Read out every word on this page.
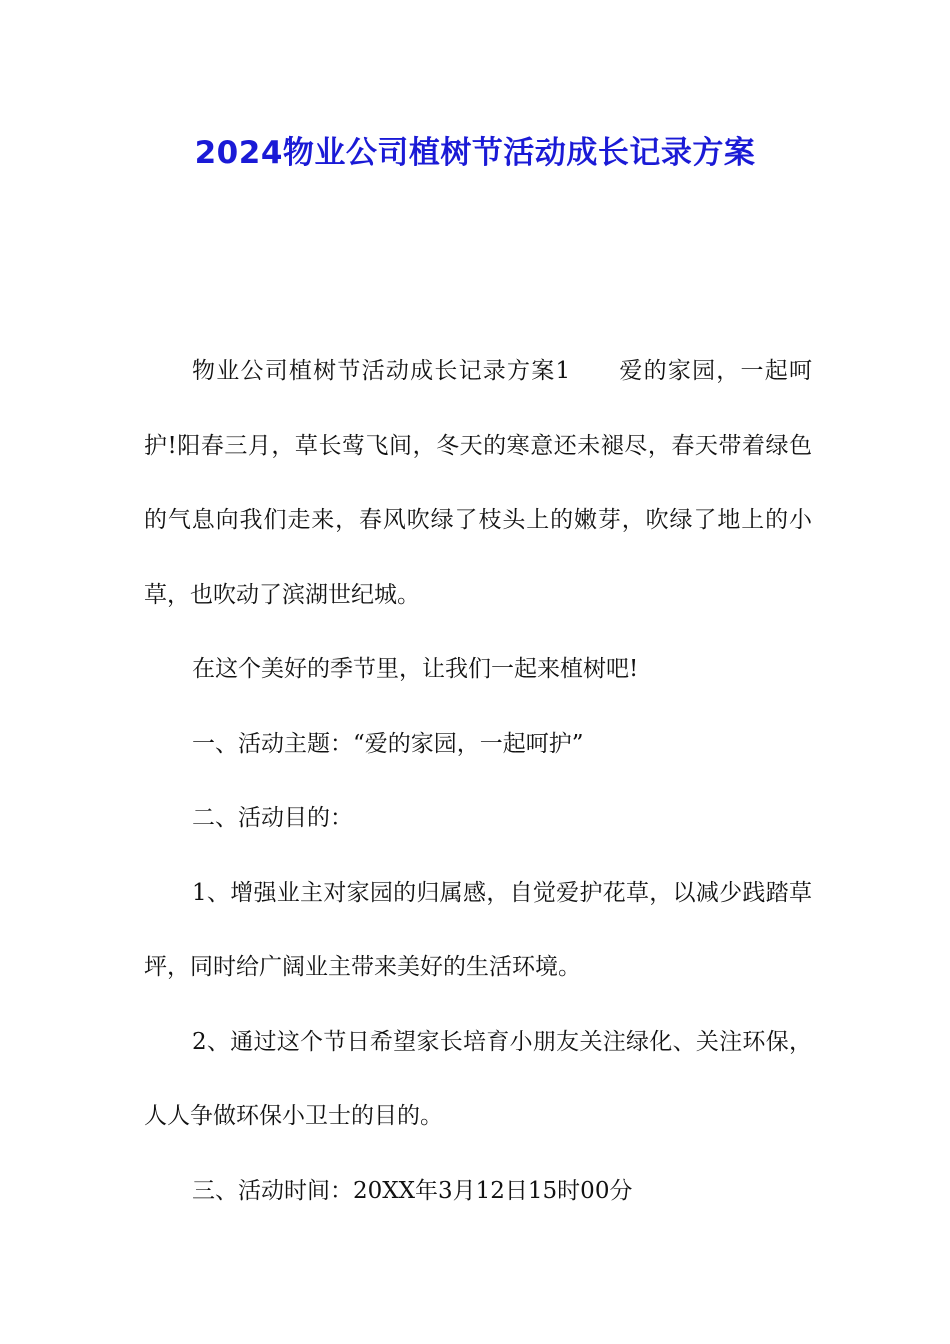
2024物业公司植树节活动成长记录方案

物业公司植树节活动成长记录方案1 爱的家园，一起呵护!阳春三月，草长莺飞间，冬天的寒意还未褪尽，春天带着绿色的气息向我们走来，春风吹绿了枝头上的嫩芽，吹绿了地上的小草，也吹动了滨湖世纪城。

在这个美好的季节里，让我们一起来植树吧!

一、活动主题：“爱的家园，一起呵护”

二、活动目的：

1、增强业主对家园的归属感，自觉爱护花草，以减少践踏草坪，同时给广阔业主带来美好的生活环境。

2、通过这个节日希望家长培育小朋友关注绿化、关注环保，人人争做环保小卫士的目的。

三、活动时间：20XX年3月12日15时00分
